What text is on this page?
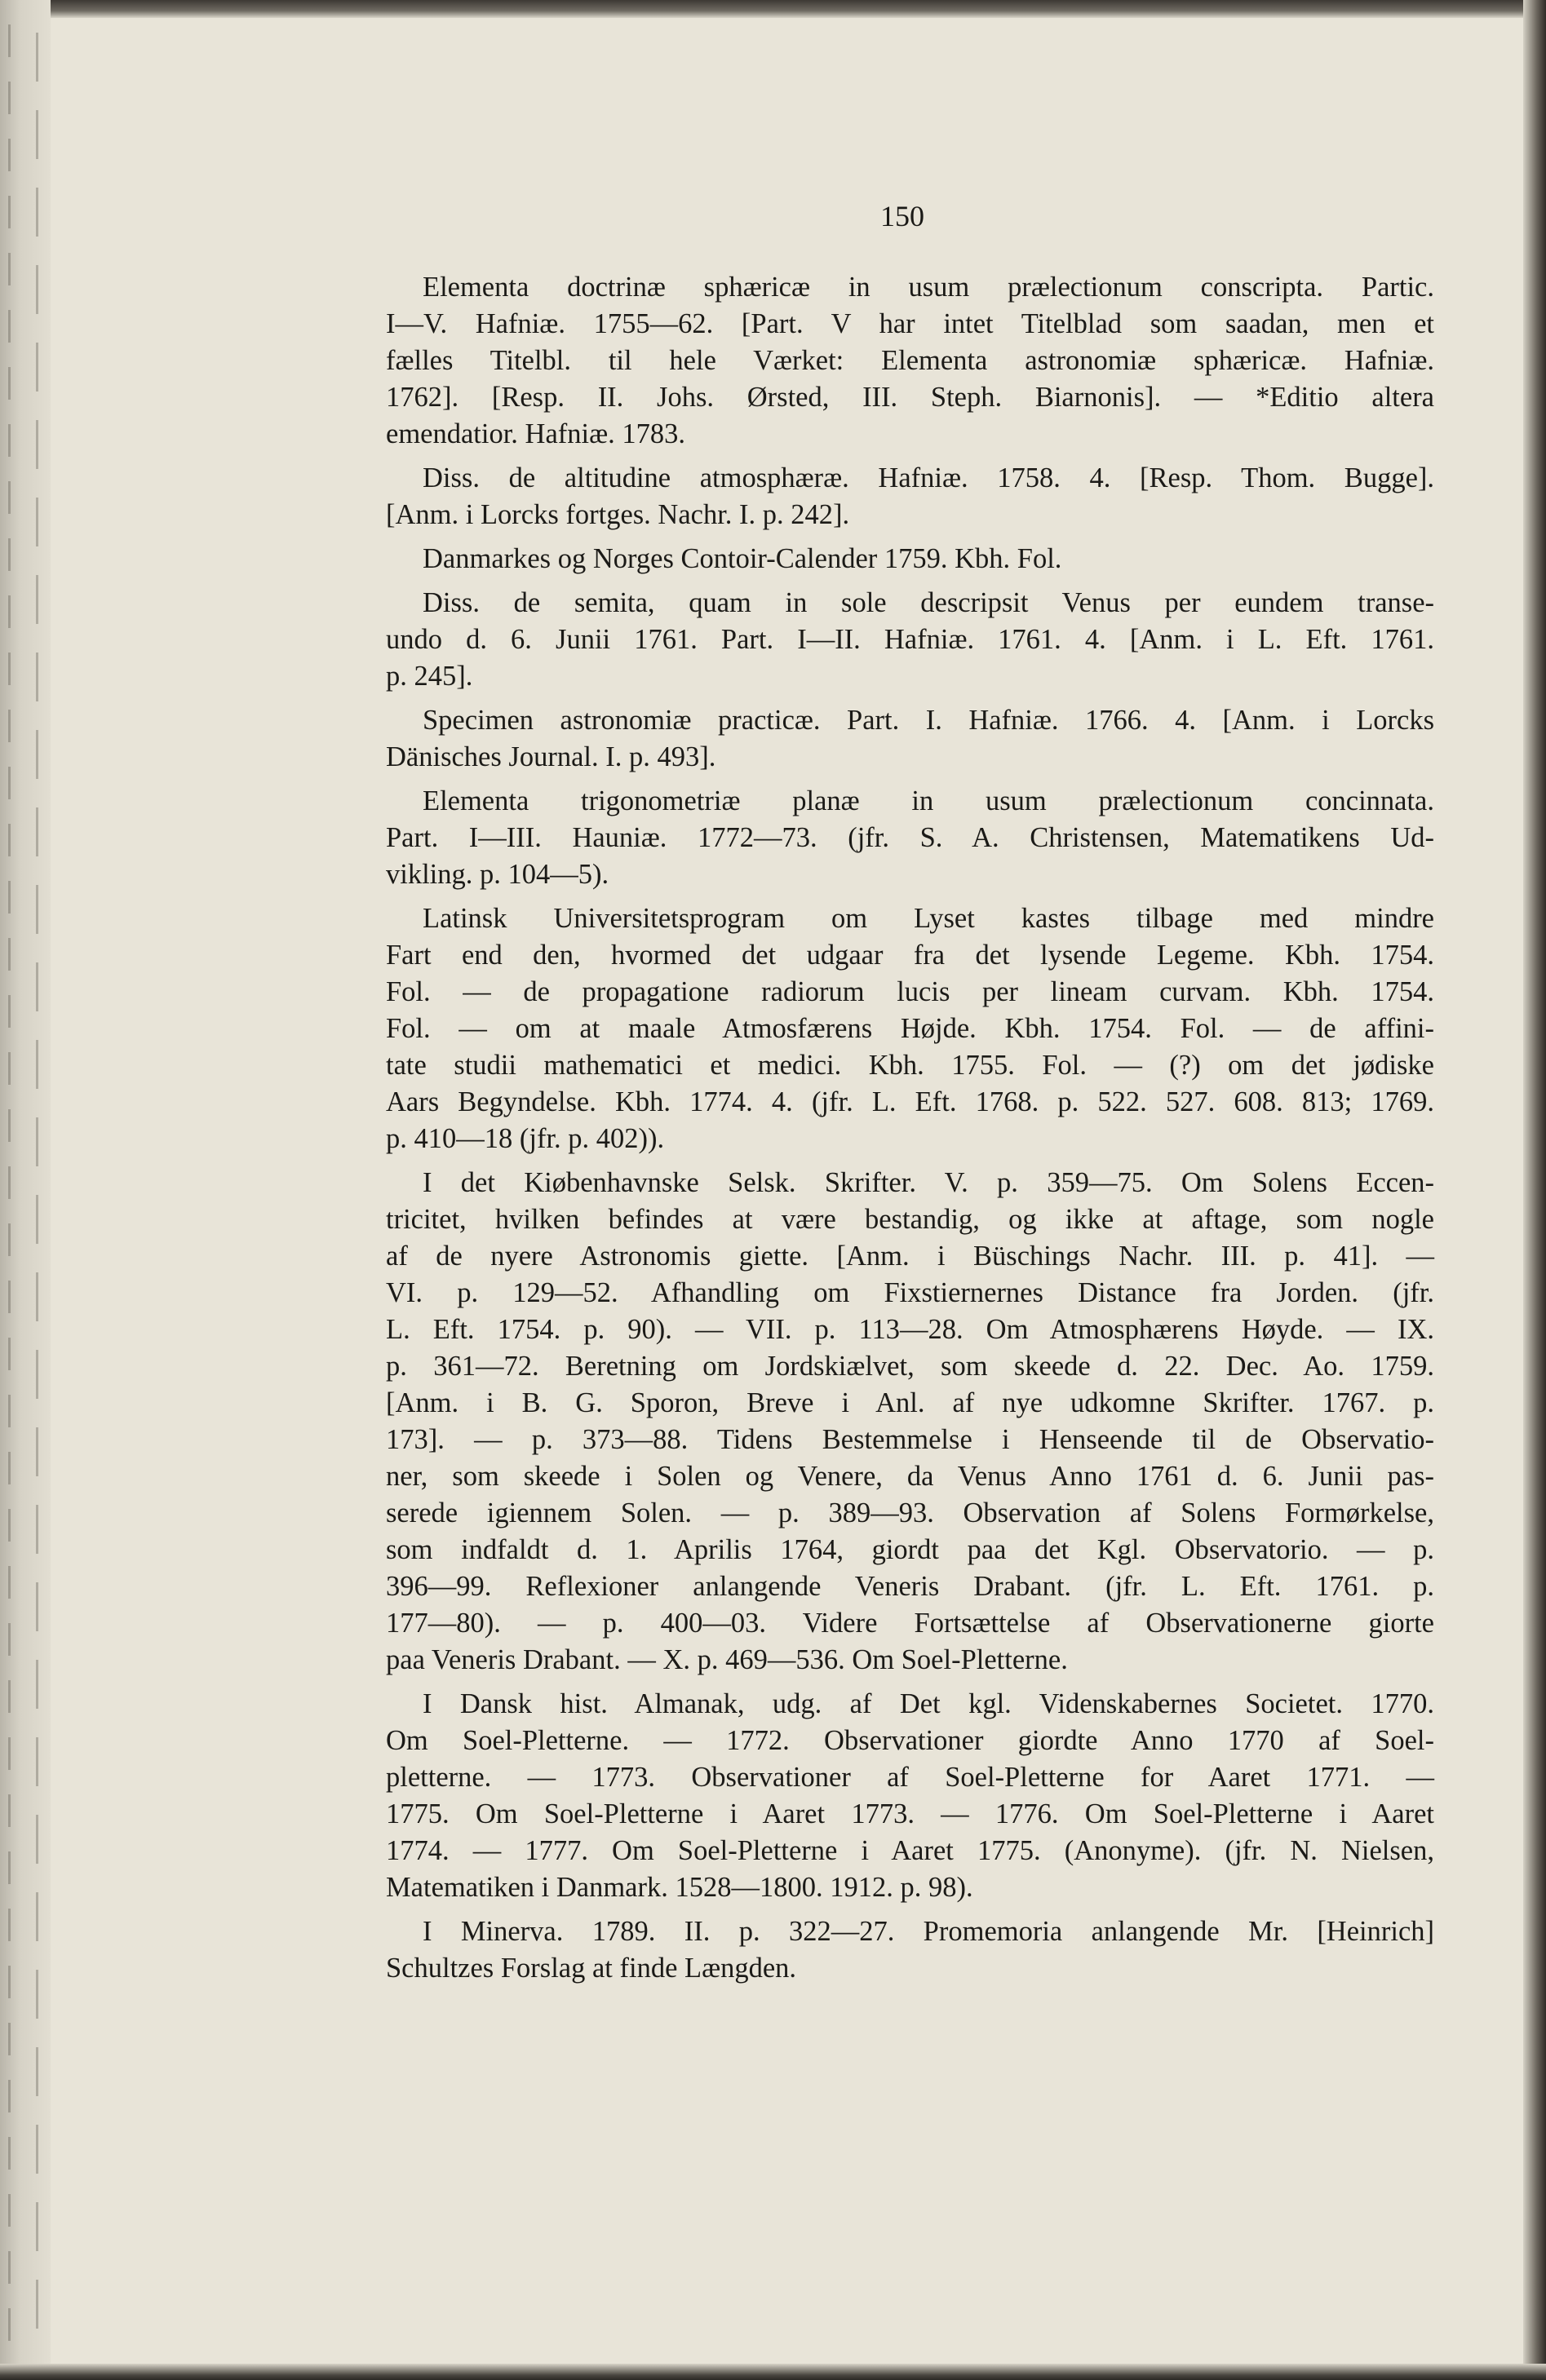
150
Elementa doctrinæ sphæricæ in usum prælectionum conscripta. Partic.
I—V. Hafniæ. 1755—62. [Part. V har intet Titelblad som saadan, men et
fælles Titelbl. til hele Værket: Elementa astronomiæ sphæricæ. Hafniæ.
1762]. [Resp. II. Johs. Ørsted, III. Steph. Biarnonis]. — *Editio altera
emendatior. Hafniæ. 1783.
Diss. de altitudine atmosphæræ. Hafniæ. 1758. 4. [Resp. Thom. Bugge].
[Anm. i Lorcks fortges. Nachr. I. p. 242].
Danmarkes og Norges Contoir-Calender 1759. Kbh. Fol.
Diss. de semita, quam in sole descripsit Venus per eundem transe-
undo d. 6. Junii 1761. Part. I—II. Hafniæ. 1761. 4. [Anm. i L. Eft. 1761.
p. 245].
Specimen astronomiæ practicæ. Part. I. Hafniæ. 1766. 4. [Anm. i Lorcks
Dänisches Journal. I. p. 493].
Elementa trigonometriæ planæ in usum prælectionum concinnata.
Part. I—III. Hauniæ. 1772—73. (jfr. S. A. Christensen, Matematikens Ud-
vikling. p. 104—5).
Latinsk Universitetsprogram om Lyset kastes tilbage med mindre
Fart end den, hvormed det udgaar fra det lysende Legeme. Kbh. 1754.
Fol. — de propagatione radiorum lucis per lineam curvam. Kbh. 1754.
Fol. — om at maale Atmosfærens Højde. Kbh. 1754. Fol. — de affini-
tate studii mathematici et medici. Kbh. 1755. Fol. — (?) om det jødiske
Aars Begyndelse. Kbh. 1774. 4. (jfr. L. Eft. 1768. p. 522. 527. 608. 813; 1769.
p. 410—18 (jfr. p. 402)).
I det Kiøbenhavnske Selsk. Skrifter. V. p. 359—75. Om Solens Eccen-
tricitet, hvilken befindes at være bestandig, og ikke at aftage, som nogle
af de nyere Astronomis giette. [Anm. i Büschings Nachr. III. p. 41]. —
VI. p. 129—52. Afhandling om Fixstiernernes Distance fra Jorden. (jfr.
L. Eft. 1754. p. 90). — VII. p. 113—28. Om Atmosphærens Høyde. — IX.
p. 361—72. Beretning om Jordskiælvet, som skeede d. 22. Dec. Ao. 1759.
[Anm. i B. G. Sporon, Breve i Anl. af nye udkomne Skrifter. 1767. p.
173]. — p. 373—88. Tidens Bestemmelse i Henseende til de Observatio-
ner, som skeede i Solen og Venere, da Venus Anno 1761 d. 6. Junii pas-
serede igiennem Solen. — p. 389—93. Observation af Solens Formørkelse,
som indfaldt d. 1. Aprilis 1764, giordt paa det Kgl. Observatorio. — p.
396—99. Reflexioner anlangende Veneris Drabant. (jfr. L. Eft. 1761. p.
177—80). — p. 400—03. Videre Fortsættelse af Observationerne giorte
paa Veneris Drabant. — X. p. 469—536. Om Soel-Pletterne.
I Dansk hist. Almanak, udg. af Det kgl. Videnskabernes Societet. 1770.
Om Soel-Pletterne. — 1772. Observationer giordte Anno 1770 af Soel-
pletterne. — 1773. Observationer af Soel-Pletterne for Aaret 1771. —
1775. Om Soel-Pletterne i Aaret 1773. — 1776. Om Soel-Pletterne i Aaret
1774. — 1777. Om Soel-Pletterne i Aaret 1775. (Anonyme). (jfr. N. Nielsen,
Matematiken i Danmark. 1528—1800. 1912. p. 98).
I Minerva. 1789. II. p. 322—27. Promemoria anlangende Mr. [Heinrich]
Schultzes Forslag at finde Længden.
